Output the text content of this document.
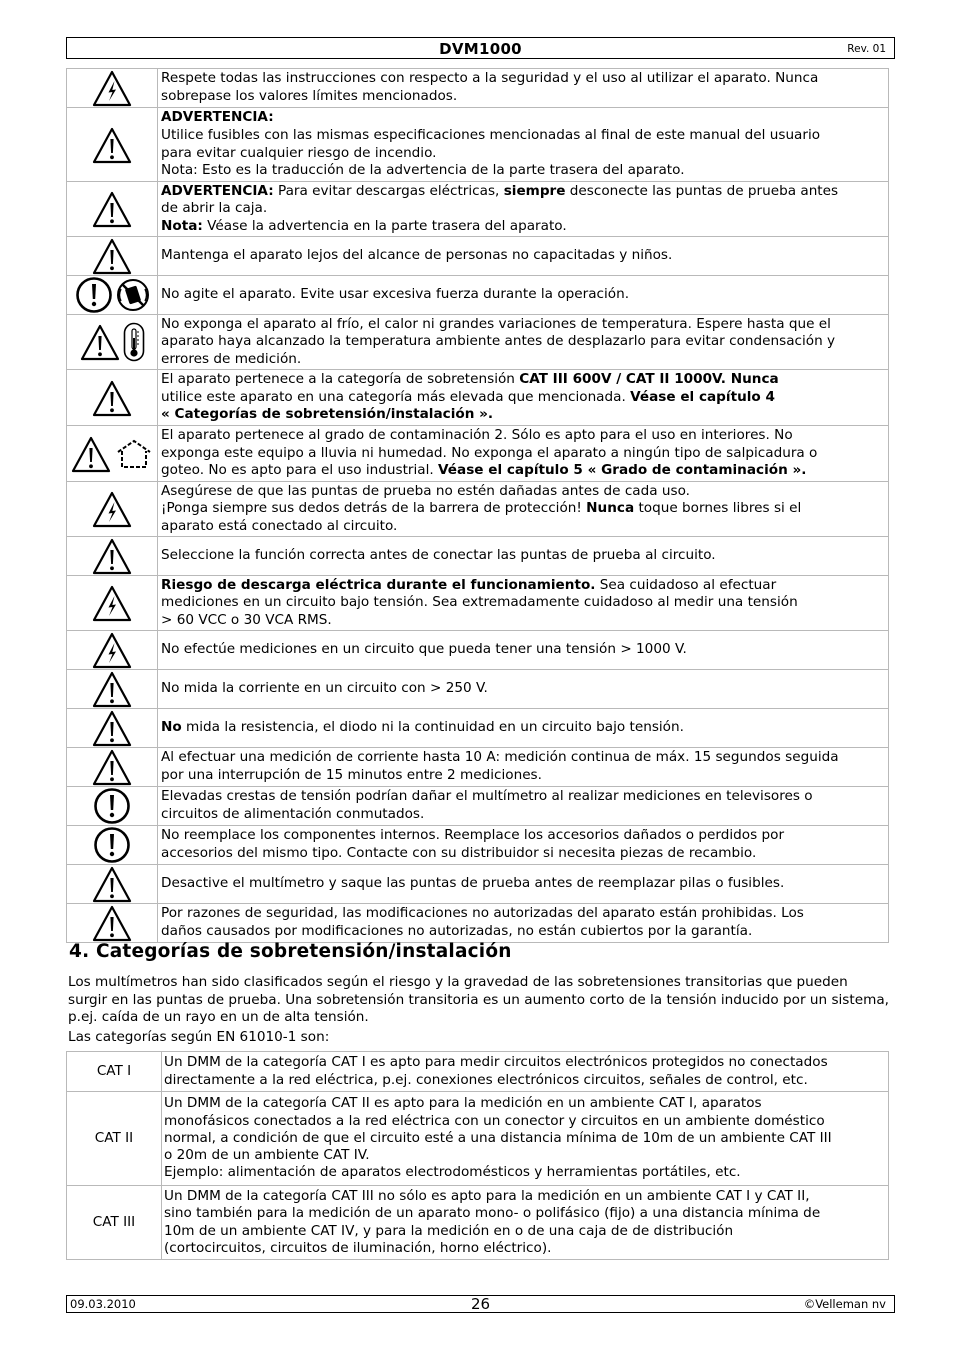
DVM1000	Rev. 01

Respete todas las instrucciones con respecto a la seguridad y el uso al utilizar el aparato. Nunca
sobrepase los valores límites mencionados.

ADVERTENCIA:
Utilice fusibles con las mismas especificaciones mencionadas al final de este manual del usuario
para evitar cualquier riesgo de incendio.
Nota: Esto es la traducción de la advertencia de la parte trasera del aparato.

ADVERTENCIA: Para evitar descargas eléctricas, siempre desconecte las puntas de prueba antes
de abrir la caja.
Nota: Véase la advertencia en la parte trasera del aparato.

Mantenga el aparato lejos del alcance de personas no capacitadas y niños.

No agite el aparato. Evite usar excesiva fuerza durante la operación.

No exponga el aparato al frío, el calor ni grandes variaciones de temperatura. Espere hasta que el
aparato haya alcanzado la temperatura ambiente antes de desplazarlo para evitar condensación y
errores de medición.

El aparato pertenece a la categoría de sobretensión CAT III 600V / CAT II 1000V. Nunca
utilice este aparato en una categoría más elevada que mencionada. Véase el capítulo 4
« Categorías de sobretensión/instalación ».

El aparato pertenece al grado de contaminación 2. Sólo es apto para el uso en interiores. No
exponga este equipo a lluvia ni humedad. No exponga el aparato a ningún tipo de salpicadura o
goteo. No es apto para el uso industrial. Véase el capítulo 5 « Grado de contaminación ».

Asegúrese de que las puntas de prueba no estén dañadas antes de cada uso.
¡Ponga siempre sus dedos detrás de la barrera de protección! Nunca toque bornes libres si el
aparato está conectado al circuito.

Seleccione la función correcta antes de conectar las puntas de prueba al circuito.

Riesgo de descarga eléctrica durante el funcionamiento. Sea cuidadoso al efectuar
mediciones en un circuito bajo tensión. Sea extremadamente cuidadoso al medir una tensión
> 60 VCC o 30 VCA RMS.

No efectúe mediciones en un circuito que pueda tener una tensión > 1000 V.

No mida la corriente en un circuito con > 250 V.

No mida la resistencia, el diodo ni la continuidad en un circuito bajo tensión.

Al efectuar una medición de corriente hasta 10 A: medición continua de máx. 15 segundos seguida
por una interrupción de 15 minutos entre 2 mediciones.

Elevadas crestas de tensión podrían dañar el multímetro al realizar mediciones en televisores o
circuitos de alimentación conmutados.

No reemplace los componentes internos. Reemplace los accesorios dañados o perdidos por
accesorios del mismo tipo. Contacte con su distribuidor si necesita piezas de recambio.

Desactive el multímetro y saque las puntas de prueba antes de reemplazar pilas o fusibles.

Por razones de seguridad, las modificaciones no autorizadas del aparato están prohibidas. Los
daños causados por modificaciones no autorizadas, no están cubiertos por la garantía.
4. Categorías de sobretensión/instalación

Los multímetros han sido clasificados según el riesgo y la gravedad de las sobretensiones transitorias que pueden surgir en las puntas de prueba. Una sobretensión transitoria es un aumento corto de la tensión inducido por un sistema, p.ej. caída de un rayo en un de alta tensión.

Las categorías según EN 61010-1 son:

CAT I	Un DMM de la categoría CAT I es apto para medir circuitos electrónicos protegidos no conectados
directamente a la red eléctrica, p.ej. conexiones electrónicos circuitos, señales de control, etc.

CAT II	Un DMM de la categoría CAT II es apto para la medición en un ambiente CAT I, aparatos
monofásicos conectados a la red eléctrica con un conector y circuitos en un ambiente doméstico
normal, a condición de que el circuito esté a una distancia mínima de 10m de un ambiente CAT III
o 20m de un ambiente CAT IV.
Ejemplo: alimentación de aparatos electrodomésticos y herramientas portátiles, etc.

CAT III	Un DMM de la categoría CAT III no sólo es apto para la medición en un ambiente CAT I y CAT II,
sino también para la medición de un aparato mono- o polifásico (fijo) a una distancia mínima de
10m de un ambiente CAT IV, y para la medición en o de una caja de de distribución
(cortocircuitos, circuitos de iluminación, horno eléctrico).
09.03.2010	26	©Velleman nv
